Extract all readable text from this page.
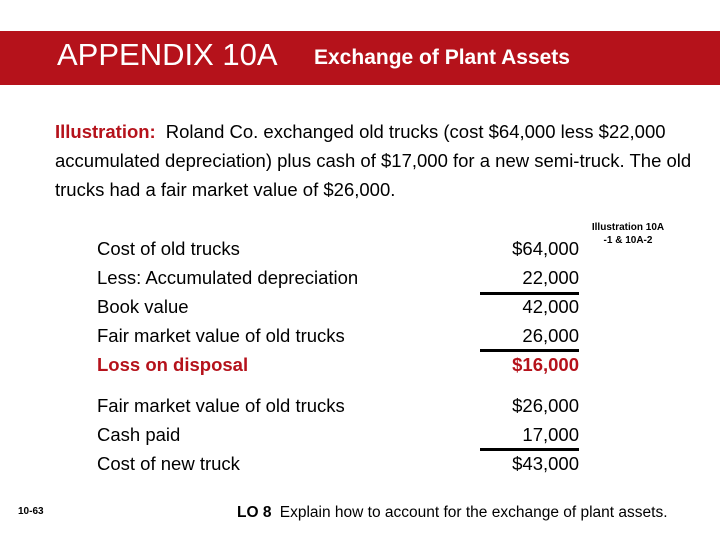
APPENDIX 10A Exchange of Plant Assets

Illustration: Roland Co. exchanged old trucks (cost $64,000 less $22,000 accumulated depreciation) plus cash of $17,000 for a new semi-truck. The old trucks had a fair market value of $26,000.

Illustration 10A -1 & 10A-2
Cost of old trucks	$64,000
Less: Accumulated depreciation	22,000
Book value	42,000
Fair market value of old trucks	26,000
Loss on disposal	$16,000
Fair market value of old trucks	$26,000
Cash paid	17,000
Cost of new truck	$43,000
10-63	LO 8 Explain how to account for the exchange of plant assets.
